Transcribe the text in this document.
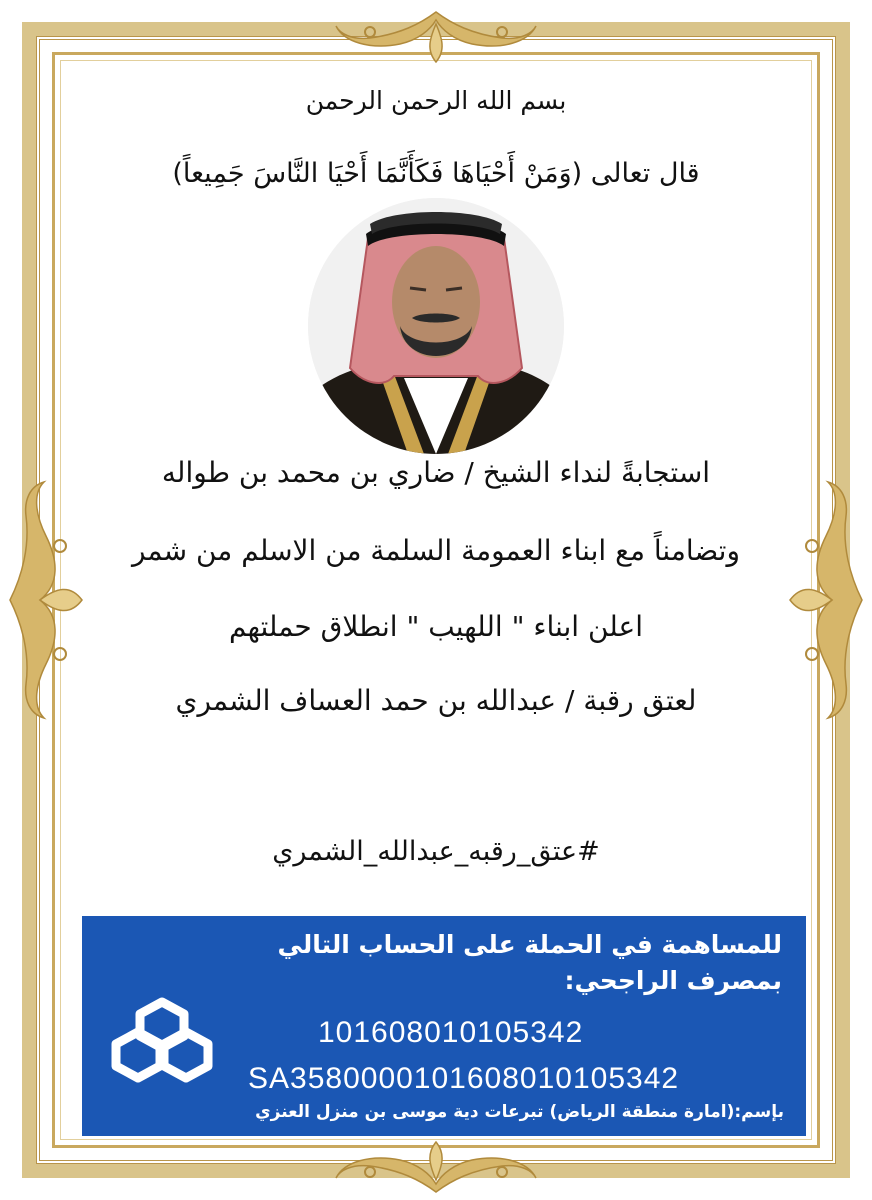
بسم الله الرحمن الرحمن
قال تعالى (وَمَنْ أَحْيَاهَا فَكَأَنَّمَا أَحْيَا النَّاسَ جَمِيعاً)
استجابةً لنداء الشيخ / ضاري بن محمد بن طواله
وتضامناً مع ابناء العمومة السلمة من الاسلم من شمر
اعلن ابناء " اللهيب " انطلاق حملتهم
لعتق رقبة / عبدالله بن حمد العساف الشمري
#عتق_رقبه_عبدالله_الشمري
للمساهمة في الحملة على الحساب التالي
بمصرف الراجحي:
101608010105342
SA3580000101608010105342
بإسم:(امارة منطقة الرياض) تبرعات دية موسى بن منزل العنزي
